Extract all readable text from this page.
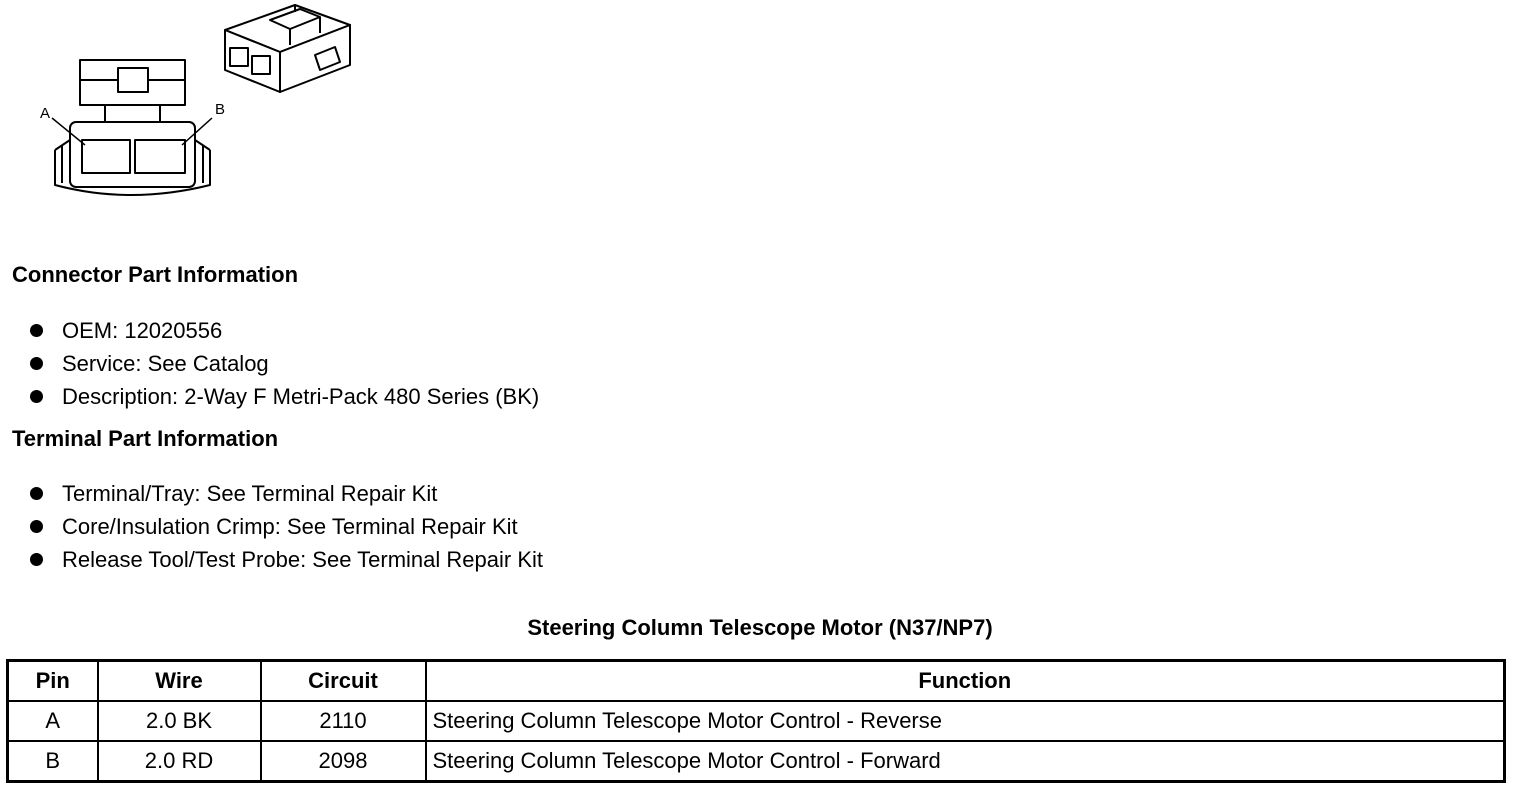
A	B
Connector Part Information
OEM: 12020556
Service: See Catalog
Description: 2-Way F Metri-Pack 480 Series (BK)
Terminal Part Information
Terminal/Tray: See Terminal Repair Kit
Core/Insulation Crimp: See Terminal Repair Kit
Release Tool/Test Probe: See Terminal Repair Kit
Steering Column Telescope Motor (N37/NP7)
Pin	Wire	Circuit	Function
A	2.0 BK	2110	Steering Column Telescope Motor Control - Reverse
B	2.0 RD	2098	Steering Column Telescope Motor Control - Forward
